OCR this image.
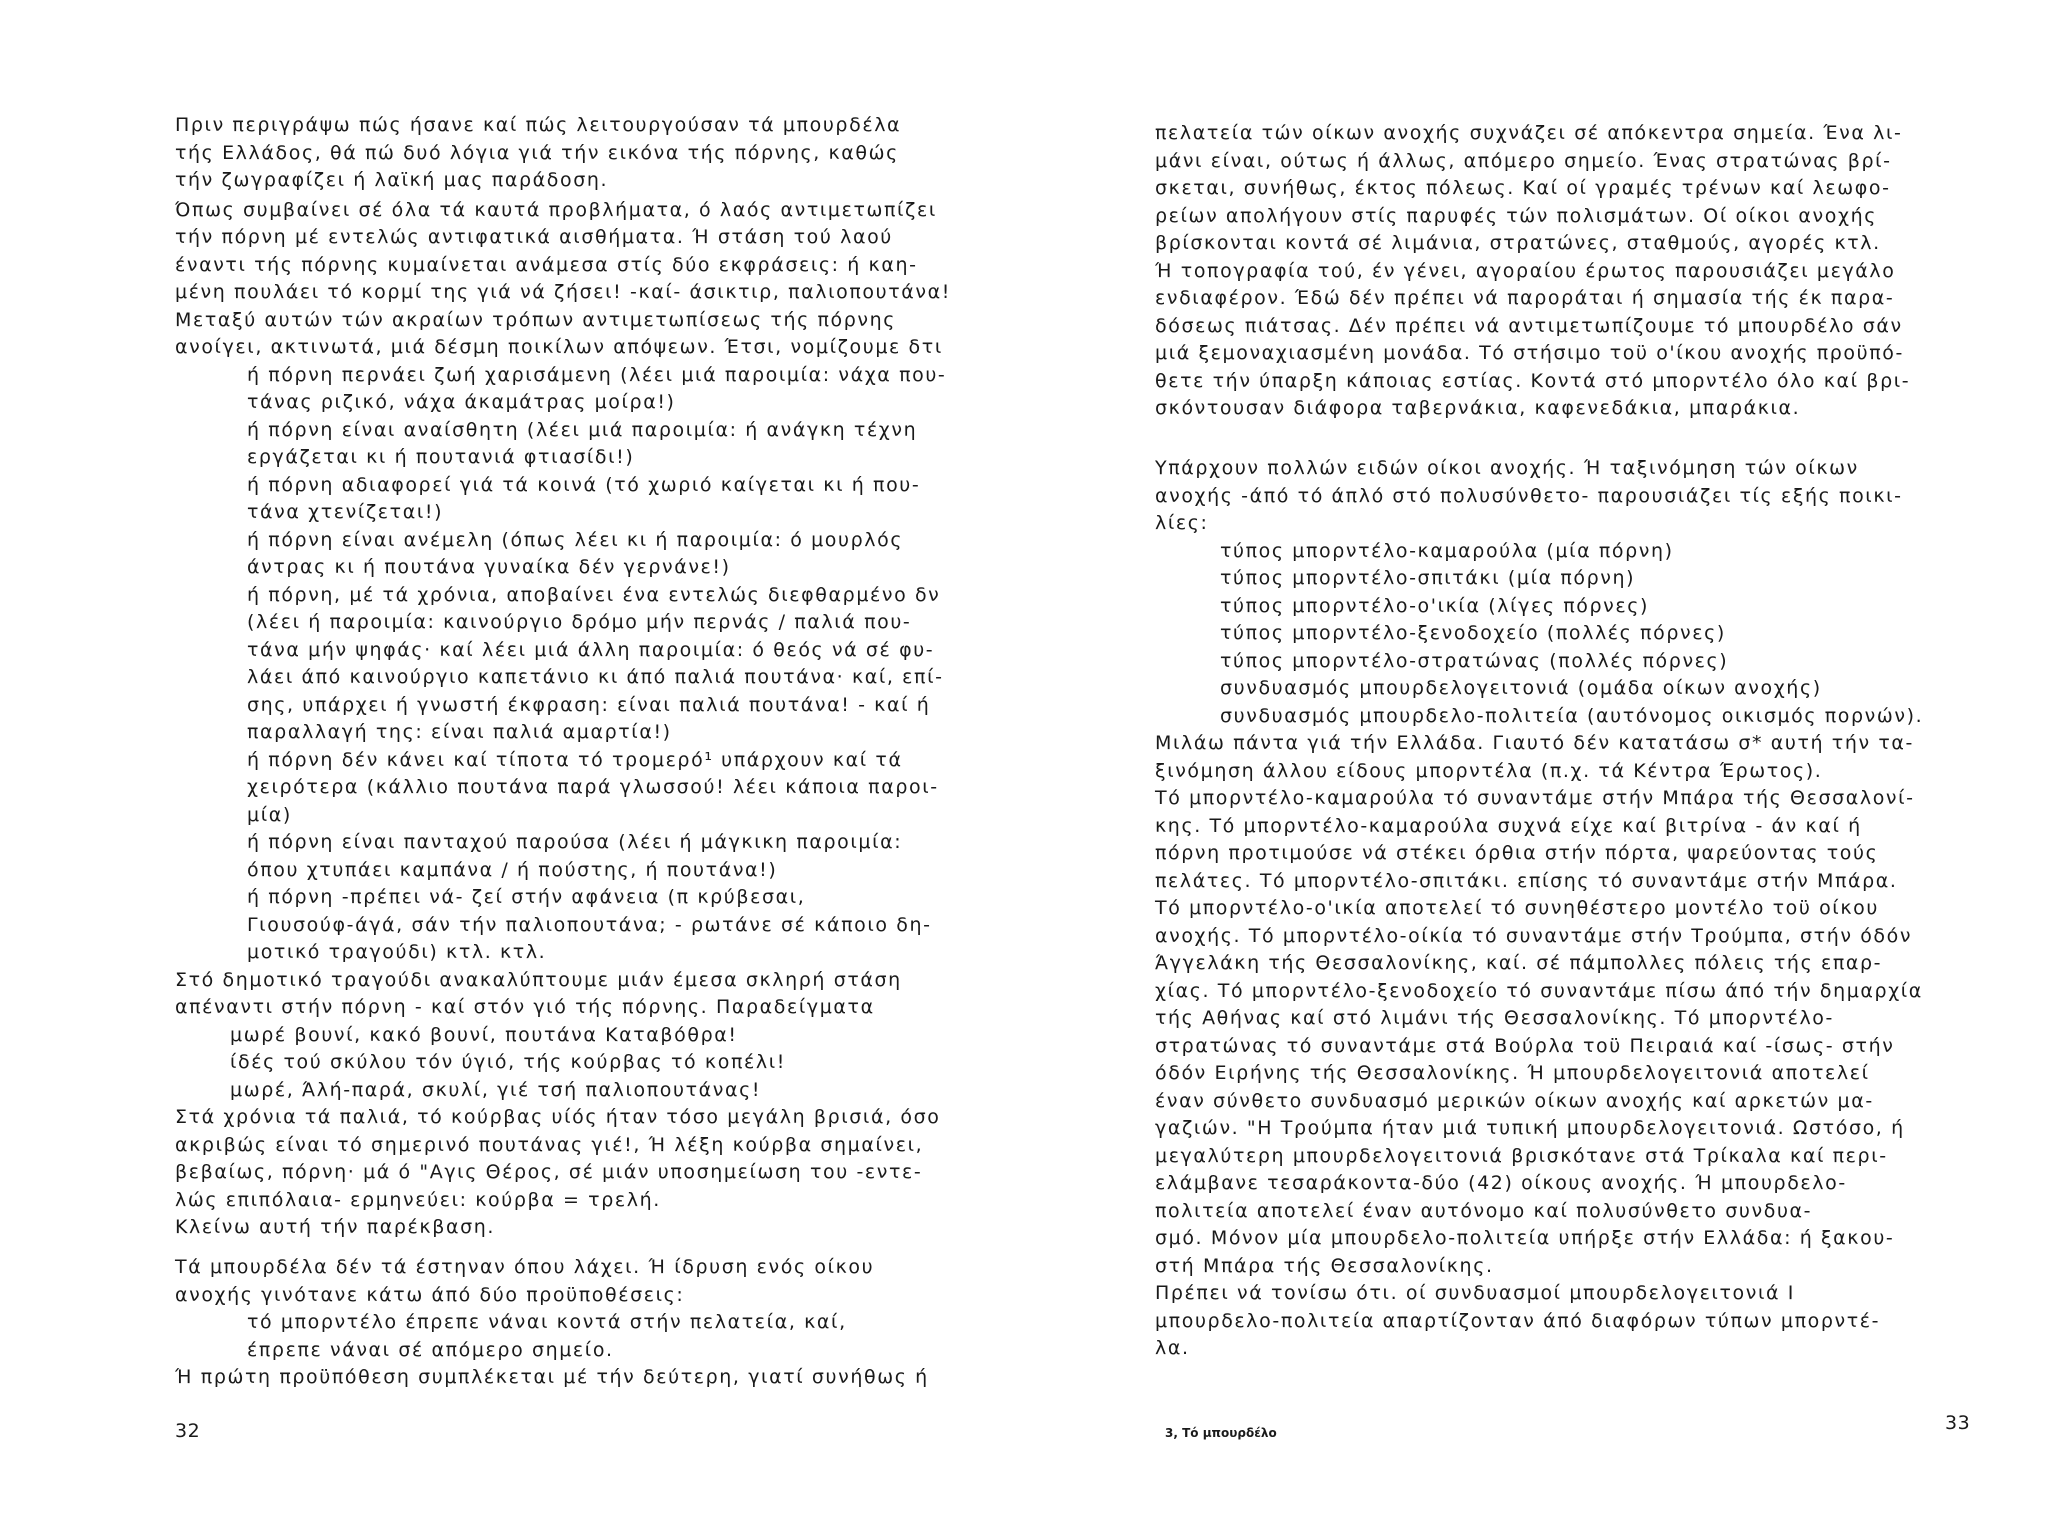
Πριν περιγράψω πώς ήσανε καί πώς λειτουργούσαν τά μπουρδέλα
τής Ελλάδος, θά πώ δυό λόγια γιά τήν εικόνα τής πόρνης, καθώς
τήν ζωγραφίζει ή λαϊκή μας παράδοση.
Όπως συμβαίνει σέ όλα τά καυτά προβλήματα, ό λαός αντιμετωπίζει
τήν πόρνη μέ εντελώς αντιφατικά αισθήματα. Ή στάση τού λαού
έναντι τής πόρνης κυμαίνεται ανάμεσα στίς δύο εκφράσεις: ή καη-
μένη πουλάει τό κορμί της γιά νά ζήσει! -καί- άσικτιρ, παλιοπουτάνα!
Μεταξύ αυτών τών ακραίων τρόπων αντιμετωπίσεως τής πόρνης
ανοίγει, ακτινωτά, μιά δέσμη ποικίλων απόψεων. Έτσι, νομίζουμε δτι
ή πόρνη περνάει ζωή χαρισάμενη (λέει μιά παροιμία: νάχα που-
τάνας ριζικό, νάχα άκαμάτρας μοίρα!)
ή πόρνη είναι αναίσθητη (λέει μιά παροιμία: ή ανάγκη τέχνη
εργάζεται κι ή πουτανιά φτιασίδι!)
ή πόρνη αδιαφορεί γιά τά κοινά (τό χωριό καίγεται κι ή που-
τάνα χτενίζεται!)
ή πόρνη είναι ανέμελη (όπως λέει κι ή παροιμία: ό μουρλός
άντρας κι ή πουτάνα γυναίκα δέν γερνάνε!)
ή πόρνη, μέ τά χρόνια, αποβαίνει ένα εντελώς διεφθαρμένο δν
(λέει ή παροιμία: καινούργιο δρόμο μήν περνάς / παλιά που-
τάνα μήν ψηφάς· καί λέει μιά άλλη παροιμία: ό θεός νά σέ φυ-
λάει άπό καινούργιο καπετάνιο κι άπό παλιά πουτάνα· καί, επί-
σης, υπάρχει ή γνωστή έκφραση: είναι παλιά πουτάνα! - καί ή
παραλλαγή της: είναι παλιά αμαρτία!)
ή πόρνη δέν κάνει καί τίποτα τό τρομερό¹ υπάρχουν καί τά
χειρότερα (κάλλιο πουτάνα παρά γλωσσού! λέει κάποια παροι-
μία)
ή πόρνη είναι πανταχού παρούσα (λέει ή μάγκικη παροιμία:
όπου χτυπάει καμπάνα / ή πούστης, ή πουτάνα!)
ή πόρνη -πρέπει νά- ζεί στήν αφάνεια (π κρύβεσαι,
Γιουσούφ-άγά, σάν τήν παλιοπουτάνα; - ρωτάνε σέ κάποιο δη-
μοτικό τραγούδι) κτλ. κτλ.
Στό δημοτικό τραγούδι ανακαλύπτουμε μιάν έμεσα σκληρή στάση
απέναντι στήν πόρνη - καί στόν γιό τής πόρνης. Παραδείγματα
μωρέ βουνί, κακό βουνί, πουτάνα Καταβόθρα!
ίδές τού σκύλου τόν ύγιό, τής κούρβας τό κοπέλι!
μωρέ, Άλή-παρά, σκυλί, γιέ τσή παλιοπουτάνας!
Στά χρόνια τά παλιά, τό κούρβας υίός ήταν τόσο μεγάλη βρισιά, όσο
ακριβώς είναι τό σημερινό πουτάνας γιέ!, Ή λέξη κούρβα σημαίνει,
βεβαίως, πόρνη· μά ό "Αγις Θέρος, σέ μιάν υποσημείωση του -εντε-
λώς επιπόλαια- ερμηνεύει: κούρβα = τρελή.
Κλείνω αυτή τήν παρέκβαση.
Τά μπουρδέλα δέν τά έστηναν όπου λάχει. Ή ίδρυση ενός οίκου
ανοχής γινότανε κάτω άπό δύο προϋποθέσεις:
τό μπορντέλο έπρεπε νάναι κοντά στήν πελατεία, καί,
έπρεπε νάναι σέ απόμερο σημείο.
Ή πρώτη προϋπόθεση συμπλέκεται μέ τήν δεύτερη, γιατί συνήθως ή
32
πελατεία τών οίκων ανοχής συχνάζει σέ απόκεντρα σημεία. Ένα λι-
μάνι είναι, ούτως ή άλλως, απόμερο σημείο. Ένας στρατώνας βρί-
σκεται, συνήθως, έκτος πόλεως. Καί οί γραμές τρένων καί λεωφο-
ρείων απολήγουν στίς παρυφές τών πολισμάτων. Οί οίκοι ανοχής
βρίσκονται κοντά σέ λιμάνια, στρατώνες, σταθμούς, αγορές κτλ.
Ή τοπογραφία τού, έν γένει, αγοραίου έρωτος παρουσιάζει μεγάλο
ενδιαφέρον. Έδώ δέν πρέπει νά παροράται ή σημασία τής έκ παρα-
δόσεως πιάτσας. Δέν πρέπει νά αντιμετωπίζουμε τό μπουρδέλο σάν
μιά ξεμοναχιασμένη μονάδα. Τό στήσιμο τοϋ ο'ίκου ανοχής προϋπό-
θετε τήν ύπαρξη κάποιας εστίας. Κοντά στό μπορντέλο όλο καί βρι-
σκόντουσαν διάφορα ταβερνάκια, καφενεδάκια, μπαράκια.
Υπάρχουν πολλών ειδών οίκοι ανοχής. Ή ταξινόμηση τών οίκων
ανοχής -άπό τό άπλό στό πολυσύνθετο- παρουσιάζει τίς εξής ποικι-
λίες:
τύπος μπορντέλο-καμαρούλα (μία πόρνη)
τύπος μπορντέλο-σπιτάκι (μία πόρνη)
τύπος μπορντέλο-ο'ικία (λίγες πόρνες)
τύπος μπορντέλο-ξενοδοχείο (πολλές πόρνες)
τύπος μπορντέλο-στρατώνας (πολλές πόρνες)
συνδυασμός μπουρδελογειτονιά (ομάδα οίκων ανοχής)
συνδυασμός μπουρδελο-πολιτεία (αυτόνομος οικισμός πορνών).
Μιλάω πάντα γιά τήν Ελλάδα. Γιαυτό δέν κατατάσω σ* αυτή τήν τα-
ξινόμηση άλλου είδους μπορντέλα (π.χ. τά Κέντρα Έρωτος).
Τό μπορντέλο-καμαρούλα τό συναντάμε στήν Μπάρα τής Θεσσαλονί-
κης. Τό μπορντέλο-καμαρούλα συχνά είχε καί βιτρίνα - άν καί ή
πόρνη προτιμούσε νά στέκει όρθια στήν πόρτα, ψαρεύοντας τούς
πελάτες. Τό μπορντέλο-σπιτάκι. επίσης τό συναντάμε στήν Μπάρα.
Τό μπορντέλο-ο'ικία αποτελεί τό συνηθέστερο μοντέλο τοϋ οίκου
ανοχής. Τό μπορντέλο-οίκία τό συναντάμε στήν Τρούμπα, στήν όδόν
Άγγελάκη τής Θεσσαλονίκης, καί. σέ πάμπολλες πόλεις τής επαρ-
χίας. Τό μπορντέλο-ξενοδοχείο τό συναντάμε πίσω άπό τήν δημαρχία
τής Αθήνας καί στό λιμάνι τής Θεσσαλονίκης. Τό μπορντέλο-
στρατώνας τό συναντάμε στά Βούρλα τοϋ Πειραιά καί -ίσως- στήν
όδόν Ειρήνης τής Θεσσαλονίκης. Ή μπουρδελογειτονιά αποτελεί
έναν σύνθετο συνδυασμό μερικών οίκων ανοχής καί αρκετών μα-
γαζιών. "Η Τρούμπα ήταν μιά τυπική μπουρδελογειτονιά. Ωστόσο, ή
μεγαλύτερη μπουρδελογειτονιά βρισκότανε στά Τρίκαλα καί περι-
ελάμβανε τεσαράκοντα-δύο (42) οίκους ανοχής. Ή μπουρδελο-
πολιτεία αποτελεί έναν αυτόνομο καί πολυσύνθετο συνδυα-
σμό. Μόνον μία μπουρδελο-πολιτεία υπήρξε στήν Ελλάδα: ή ξακου-
στή Μπάρα τής Θεσσαλονίκης.
Πρέπει νά τονίσω ότι. οί συνδυασμοί μπουρδελογειτονιά Ι
μπουρδελο-πολιτεία απαρτίζονταν άπό διαφόρων τύπων μπορντέ-
λα.
3, Τό μπουρδέλο	33
